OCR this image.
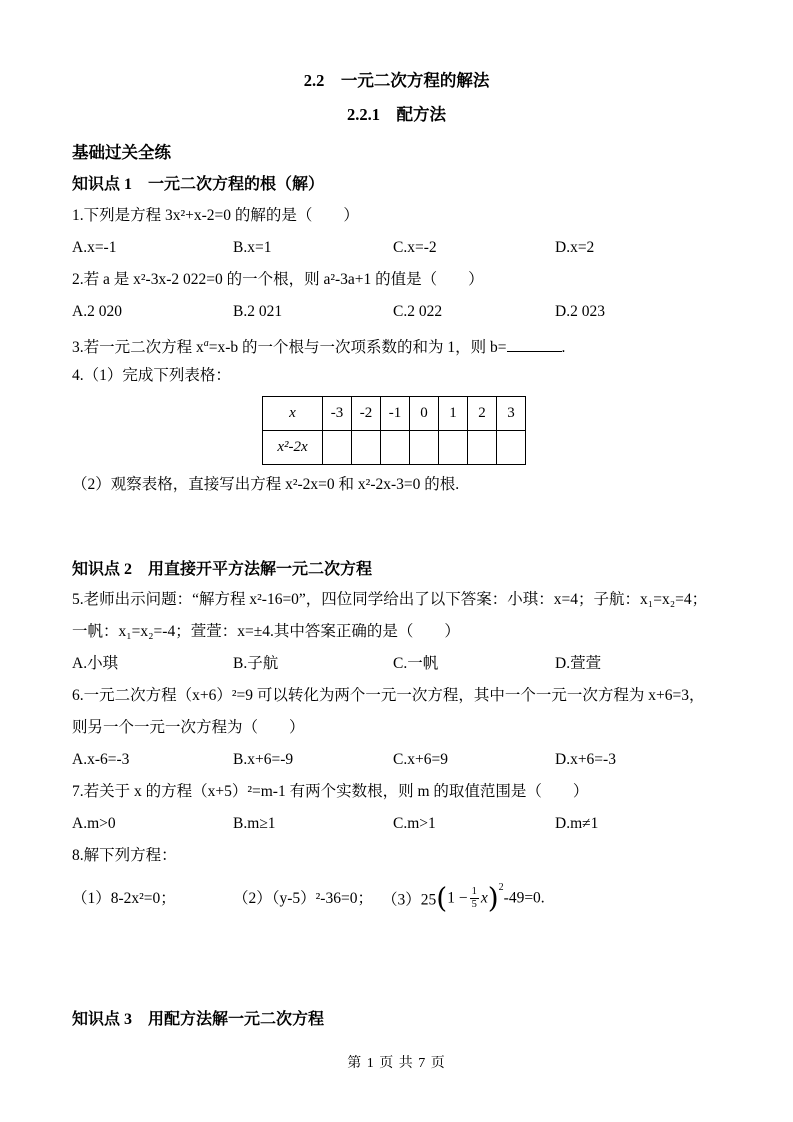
2.2　一元二次方程的解法
2.2.1　配方法
基础过关全练
知识点 1　一元二次方程的根（解）
1.下列是方程 3x²+x-2=0 的解的是（　　）
A.x=-1	B.x=1	C.x=-2	D.x=2
2.若 a 是 x²-3x-2 022=0 的一个根，则 a²-3a+1 的值是（　　）
A.2 020	B.2 021	C.2 022	D.2 023
3.若一元二次方程 $x^a=x-b$ 的一个根与一次项系数的和为 1，则 b=	.
4.（1）完成下列表格：
x	-3	-2	-1	0	1	2	3
x²-2x							
（2）观察表格，直接写出方程 x²-2x=0 和 x²-2x-3=0 的根.
知识点 2　用直接开平方法解一元二次方程
5.老师出示问题：“解方程 x²-16=0”，四位同学给出了以下答案：小琪：x=4；子航：x₁=x₂=4；
一帆：x₁=x₂=-4；萱萱：x=±4.其中答案正确的是（　　）
A.小琪	B.子航	C.一帆	D.萱萱
6.一元二次方程（x+6）²=9 可以转化为两个一元一次方程，其中一个一元一次方程为 x+6=3，
则另一个一元一次方程为（　　）
A.x-6=-3	B.x+6=-9	C.x+6=9	D.x+6=-3
7.若关于 x 的方程（x+5）²=m-1 有两个实数根，则 m 的取值范围是（　　）
A.m>0	B.m≥1	C.m>1	D.m≠1
8.解下列方程：
（1）8-2x²=0；	（2）（y-5）²-36=0； $(3)25(1 - \frac{1}{5} x)^2-49=0$.
知识点 3　用配方法解一元二次方程
第 1 页 共 7 页
